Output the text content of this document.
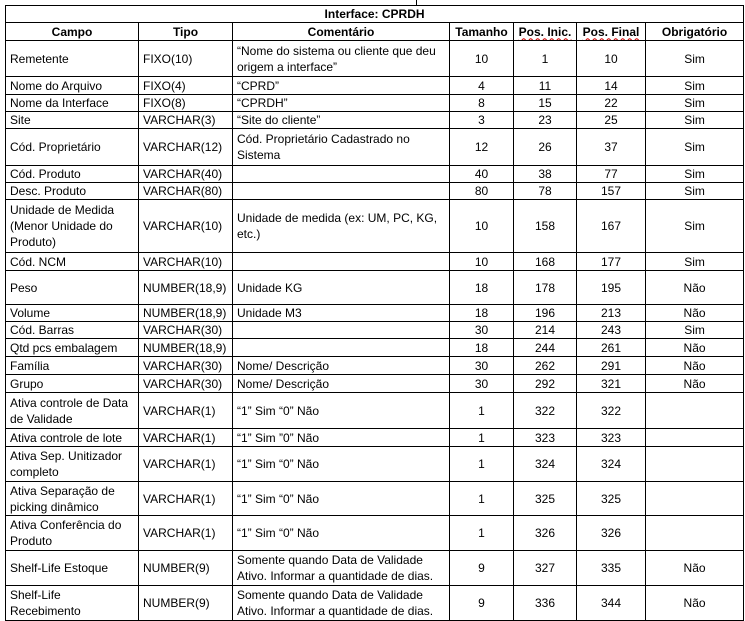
Interface: CPRDH						
Campo	Tipo	Comentário	Tamanho	Pos. Inic.	Pos. Final	Obrigatório
Remetente	FIXO(10)	“Nome do sistema ou cliente que deu origem a interface”	10	1	10	Sim
Nome do Arquivo	FIXO(4)	“CPRD”	4	11	14	Sim
Nome da Interface	FIXO(8)	“CPRDH”	8	15	22	Sim
Site	VARCHAR(3)	“Site do cliente”	3	23	25	Sim
Cód. Proprietário	VARCHAR(12)	Cód. Proprietário Cadastrado no Sistema	12	26	37	Sim
Cód. Produto	VARCHAR(40)		40	38	77	Sim
Desc. Produto	VARCHAR(80)		80	78	157	Sim
Unidade de Medida (Menor Unidade do Produto)	VARCHAR(10)	Unidade de medida (ex: UM, PC, KG, etc.)	10	158	167	Sim
Cód. NCM	VARCHAR(10)		10	168	177	Sim
Peso	NUMBER(18,9)	Unidade KG	18	178	195	Não
Volume	NUMBER(18,9)	Unidade M3	18	196	213	Não
Cód. Barras	VARCHAR(30)		30	214	243	Sim
Qtd pcs embalagem	NUMBER(18,9)		18	244	261	Não
Família	VARCHAR(30)	Nome/ Descrição	30	262	291	Não
Grupo	VARCHAR(30)	Nome/ Descrição	30	292	321	Não
Ativa controle de Data de Validade	VARCHAR(1)	“1” Sim “0” Não	1	322	322	
Ativa controle de lote	VARCHAR(1)	“1” Sim ”0” Não	1	323	323	
Ativa Sep. Unitizador completo	VARCHAR(1)	“1” Sim “0” Não	1	324	324	
Ativa Separação de picking dinâmico	VARCHAR(1)	“1” Sim “0” Não	1	325	325	
Ativa Conferência do Produto	VARCHAR(1)	“1” Sim “0” Não	1	326	326	
Shelf-Life Estoque	NUMBER(9)	Somente quando Data de Validade Ativo. Informar a quantidade de dias.	9	327	335	Não
Shelf-Life Recebimento	NUMBER(9)	Somente quando Data de Validade Ativo. Informar a quantidade de dias.	9	336	344	Não
